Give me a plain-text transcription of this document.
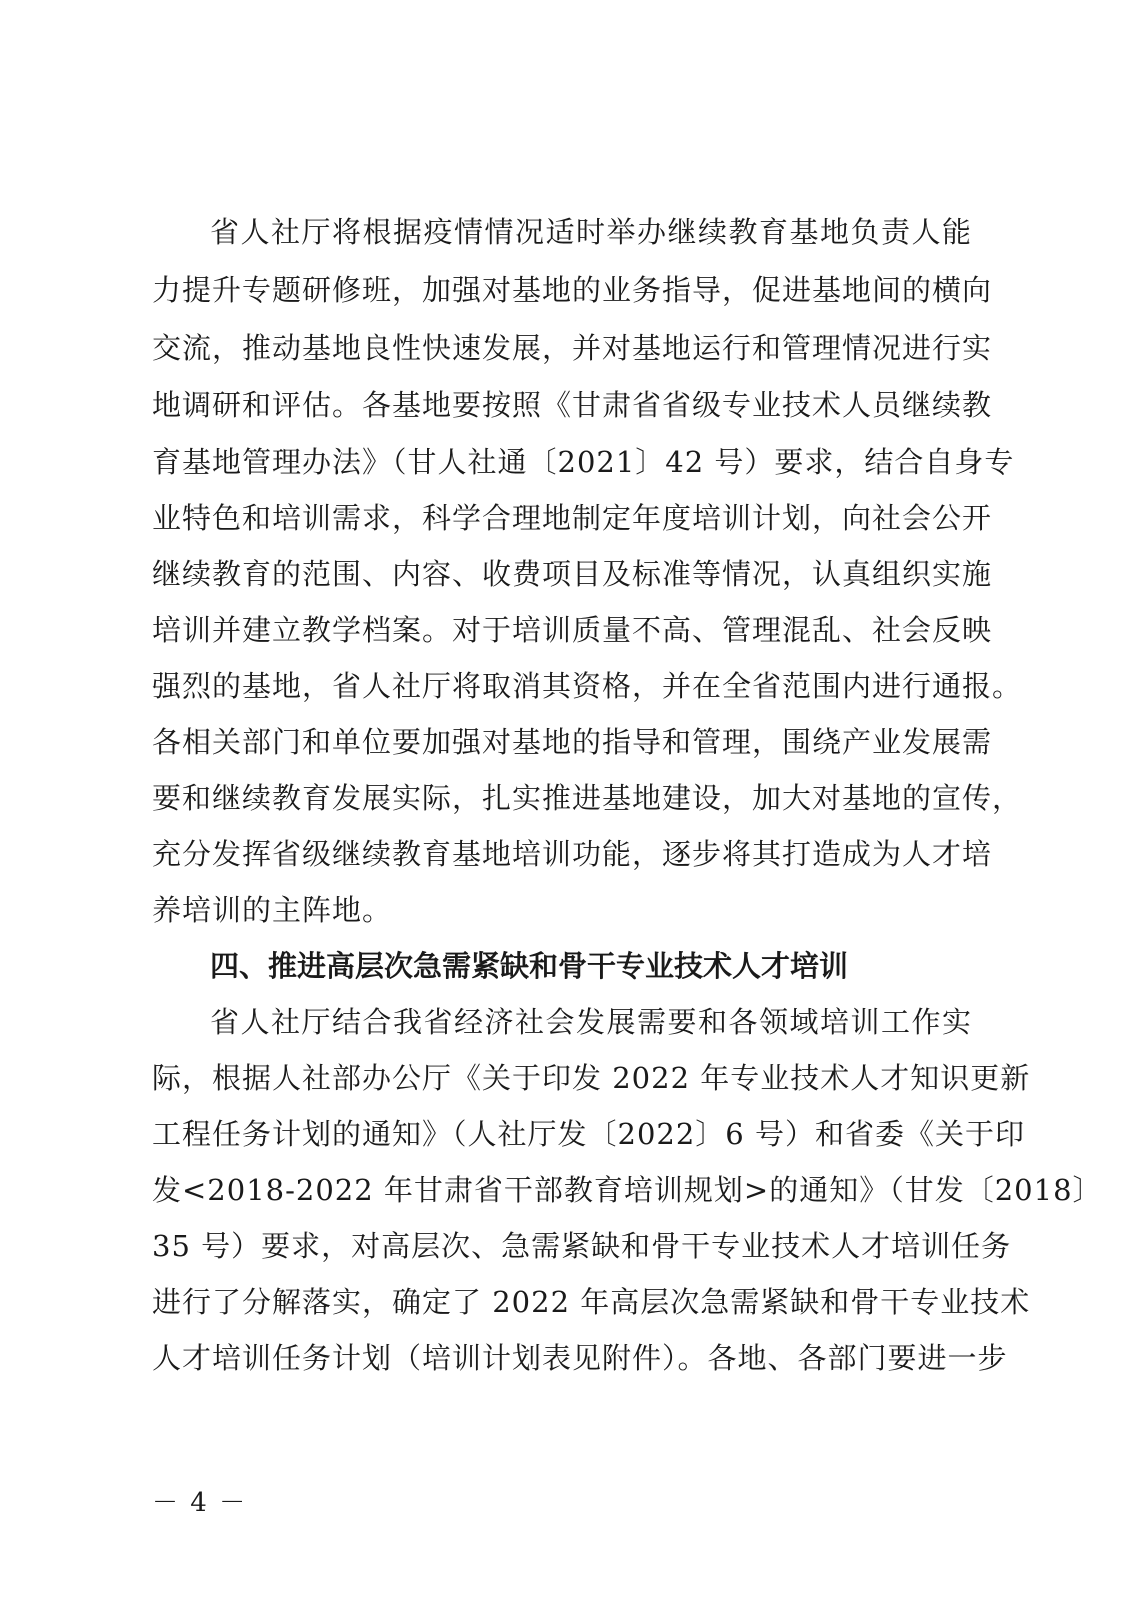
省人社厅将根据疫情情况适时举办继续教育基地负责人能
力提升专题研修班，加强对基地的业务指导，促进基地间的横向
交流，推动基地良性快速发展，并对基地运行和管理情况进行实
地调研和评估。各基地要按照《甘肃省省级专业技术人员继续教
育基地管理办法》（甘人社通〔2021〕42 号）要求，结合自身专
业特色和培训需求，科学合理地制定年度培训计划，向社会公开
继续教育的范围、内容、收费项目及标准等情况，认真组织实施
培训并建立教学档案。对于培训质量不高、管理混乱、社会反映
强烈的基地，省人社厅将取消其资格，并在全省范围内进行通报。
各相关部门和单位要加强对基地的指导和管理，围绕产业发展需
要和继续教育发展实际，扎实推进基地建设，加大对基地的宣传，
充分发挥省级继续教育基地培训功能，逐步将其打造成为人才培
养培训的主阵地。
四、推进高层次急需紧缺和骨干专业技术人才培训
省人社厅结合我省经济社会发展需要和各领域培训工作实
际，根据人社部办公厅《关于印发 2022 年专业技术人才知识更新
工程任务计划的通知》（人社厅发〔2022〕6 号）和省委《关于印
发<2018-2022 年甘肃省干部教育培训规划>的通知》（甘发〔2018〕
35 号）要求，对高层次、急需紧缺和骨干专业技术人才培训任务
进行了分解落实，确定了 2022 年高层次急需紧缺和骨干专业技术
人才培训任务计划（培训计划表见附件）。各地、各部门要进一步
－ 4 －
